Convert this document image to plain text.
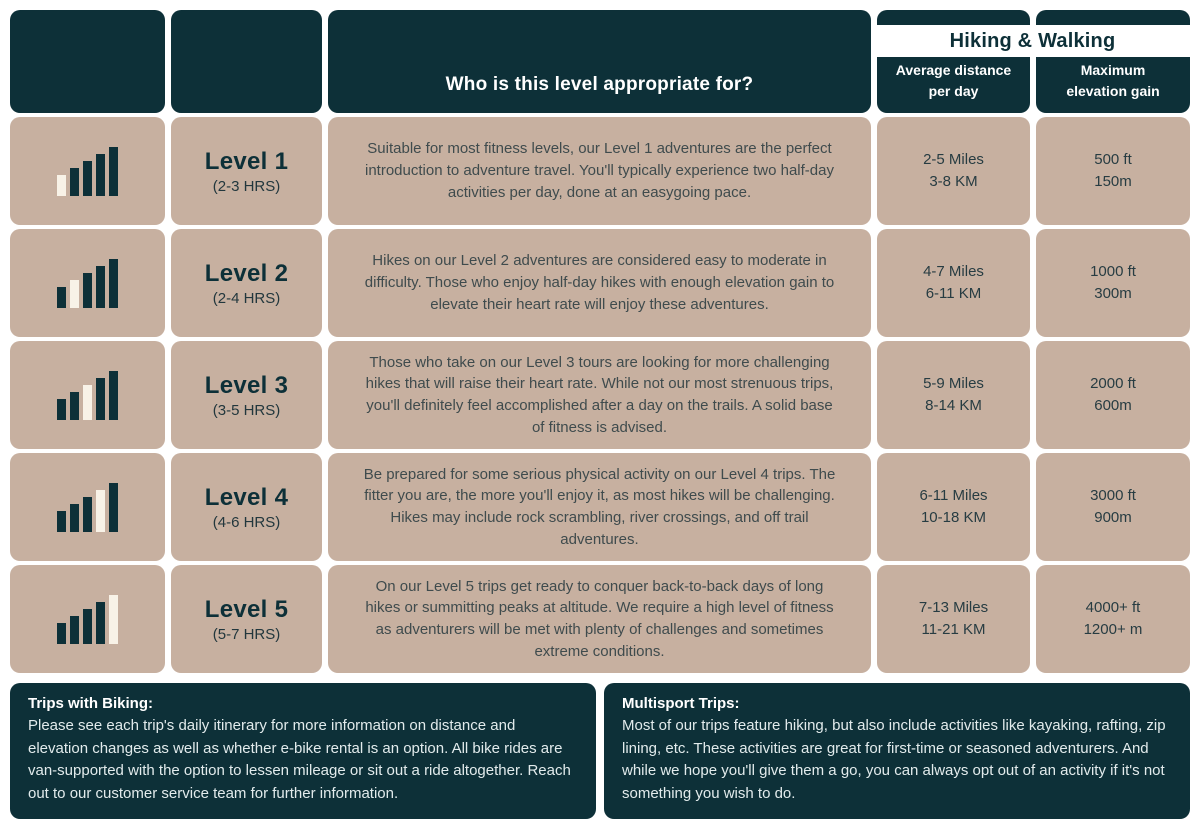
Who is this level appropriate for?
Average distance
per day
Maximum
elevation gain
Hiking & Walking
Level 1
(2-3 HRS)

Suitable for most fitness levels, our Level 1 adventures are the perfect introduction to adventure travel. You'll typically experience two half-day activities per day, done at an easygoing pace.

2-5 Miles
3-8 KM
500 ft
150m
Level 2
(2-4 HRS)

Hikes on our Level 2 adventures are considered easy to moderate in difficulty. Those who enjoy half-day hikes with enough elevation gain to elevate their heart rate will enjoy these adventures.

4-7 Miles
6-11 KM
1000 ft
300m
Level 3
(3-5 HRS)

Those who take on our Level 3 tours are looking for more challenging hikes that will raise their heart rate. While not our most strenuous trips, you'll definitely feel accomplished after a day on the trails. A solid base of fitness is advised.

5-9 Miles
8-14 KM
2000 ft
600m
Level 4
(4-6 HRS)

Be prepared for some serious physical activity on our Level 4 trips. The fitter you are, the more you'll enjoy it, as most hikes will be challenging. Hikes may include rock scrambling, river crossings, and off trail adventures.

6-11 Miles
10-18 KM
3000 ft
900m
Level 5
(5-7 HRS)

On our Level 5 trips get ready to conquer back-to-back days of long hikes or summitting peaks at altitude. We require a high level of fitness as adventurers will be met with plenty of challenges and sometimes extreme conditions.

7-13 Miles
11-21 KM
4000+ ft
1200+ m
Trips with Biking:
Please see each trip's daily itinerary for more information on distance and elevation changes as well as whether e-bike rental is an option. All bike rides are van-supported with the option to lessen mileage or sit out a ride altogether. Reach out to our customer service team for further information.
Multisport Trips:
Most of our trips feature hiking, but also include activities like kayaking, rafting, zip lining, etc. These activities are great for first-time or seasoned adventurers. And while we hope you'll give them a go, you can always opt out of an activity if it's not something you wish to do.
